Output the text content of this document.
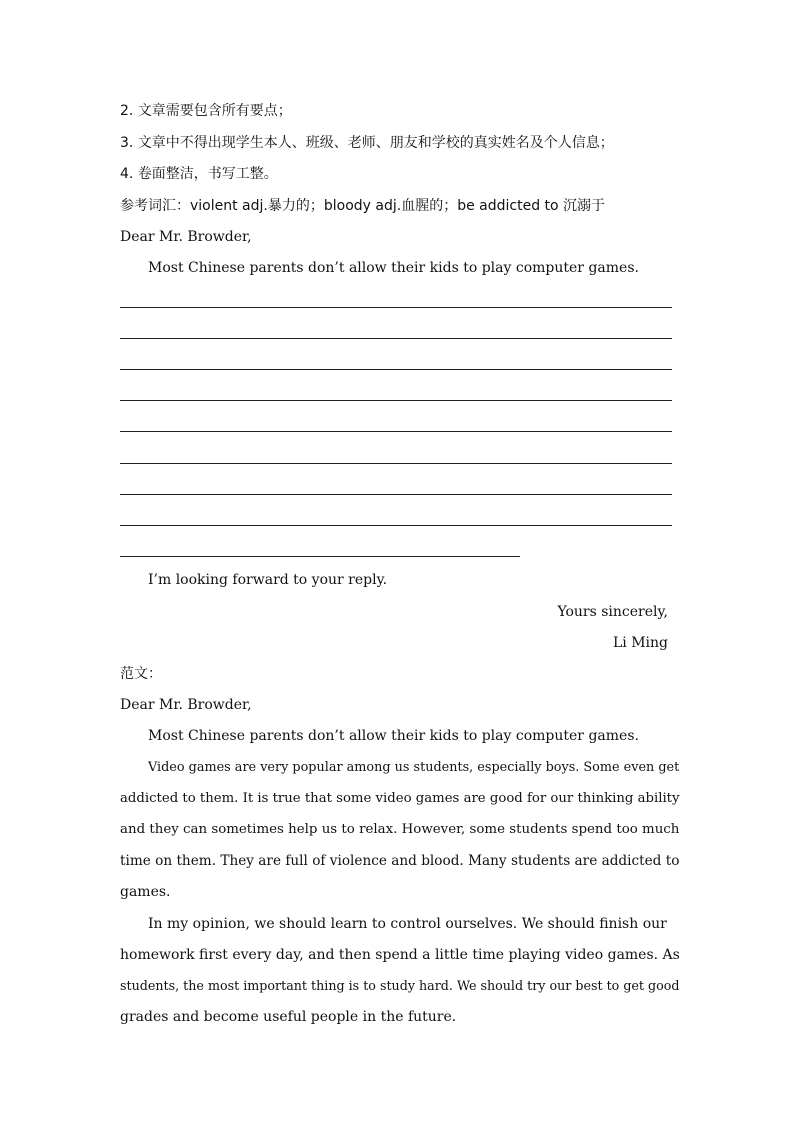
2. 文章需要包含所有要点；
3. 文章中不得出现学生本人、班级、老师、朋友和学校的真实姓名及个人信息；
4. 卷面整洁，书写工整。
参考词汇：violent adj.暴力的；bloody adj.血腥的；be addicted to 沉溺于
Dear Mr. Browder,
Most Chinese parents don’t allow their kids to play computer games.
I’m looking forward to your reply.
Yours sincerely,
Li Ming
范文：
Dear Mr. Browder,
Most Chinese parents don’t allow their kids to play computer games.
Video games are very popular among us students, especially boys. Some even get
addicted to them. It is true that some video games are good for our thinking ability
and they can sometimes help us to relax. However, some students spend too much
time on them. They are full of violence and blood. Many students are addicted to
games.
In my opinion, we should learn to control ourselves. We should finish our
homework first every day, and then spend a little time playing video games. As
students, the most important thing is to study hard. We should try our best to get good
grades and become useful people in the future.
